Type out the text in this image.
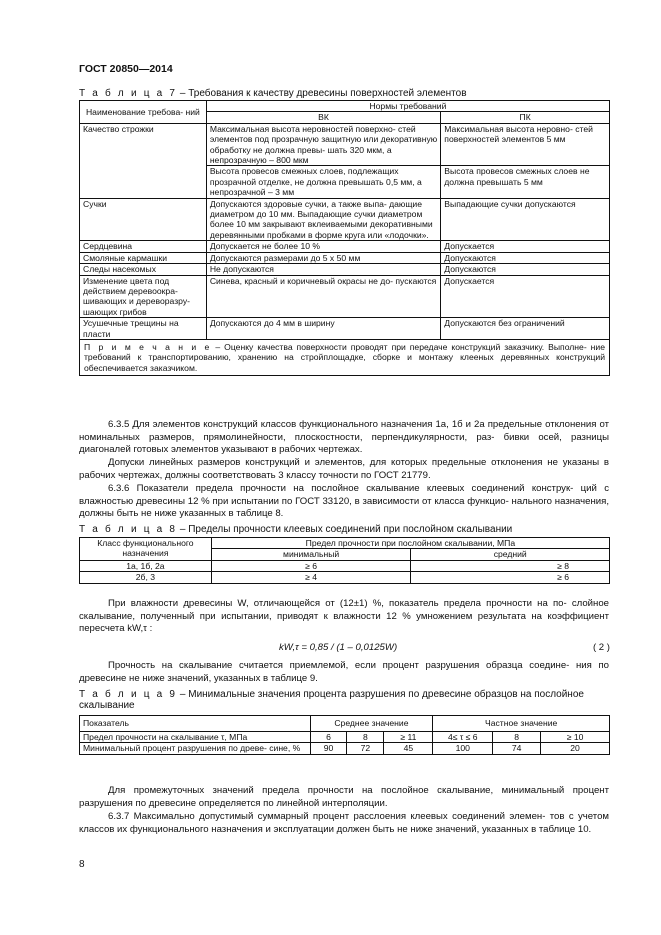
ГОСТ 20850—2014
Т а б л и ц а 7 – Требования к качеству древесины поверхностей элементов
Наименование требова- ний	Нормы требований	
	ВК	ПК
Качество строжки	Максимальная высота неровностей поверхно- стей элементов под прозрачную защитную или декоративную обработку не должна превы- шать 320 мкм, а непрозрачную – 800 мкм	Максимальная высота неровно- стей поверхностей элементов 5 мм
	Высота провесов смежных слоев, подлежащих прозрачной отделке, не должна превышать 0,5 мм, а непрозрачной – 3 мм	Высота провесов смежных слоев не должна превышать 5 мм
Сучки	Допускаются здоровые сучки, а также выпа- дающие диаметром до 10 мм. Выпадающие сучки диаметром более 10 мм закрывают вклеиваемыми декоративными деревянными пробками в форме круга или «лодочки».	Выпадающие сучки допускаются
Сердцевина	Допускается не более 10 %	Допускается
Смоляные кармашки	Допускаются размерами до 5 х 50 мм	Допускаются
Следы насекомых	Не допускаются	Допускаются
Изменение цвета под действием деревоокра- шивающих и дереворазру- шающих грибов	Синева, красный и коричневый окрасы не до- пускаются	Допускается
Усушечные трещины на пласти	Допускаются до 4 мм в ширину	Допускаются без ограничений
П р и м е ч а н и е – Оценку качества поверхности проводят при передаче конструкций заказчику. Выполне- ние требований к транспортированию, хранению на стройплощадке, сборке и монтажу клееных деревянных конструкций обеспечивается заказчиком.		
6.3.5 Для элементов конструкций классов функционального назначения 1а, 1б и 2а предельные отклонения от номинальных размеров, прямолинейности, плоскостности, перпендикулярности, раз- бивки осей, разницы диагоналей готовых элементов указывают в рабочих чертежах.
Допуски линейных размеров конструкций и элементов, для которых предельные отклонения не указаны в рабочих чертежах, должны соответствовать 3 классу точности по ГОСТ 21779.
6.3.6 Показатели предела прочности на послойное скалывание клеевых соединений конструк- ций с влажностью древесины 12 % при испытании по ГОСТ 33120, в зависимости от класса функцио- нального назначения, должны быть не ниже указанных в таблице 8.
Т а б л и ц а 8 – Пределы прочности клеевых соединений при послойном скалывании
Класс функционального назначения	Предел прочности при послойном скалывании, МПа	
	минимальный	средний
1а, 1б, 2а	≥ 6	≥ 8
2б, 3	≥ 4	≥ 6
При влажности древесины W, отличающейся от (12±1) %, показатель предела прочности на по- слойное скалывание, полученный при испытании, приводят к влажности 12 % умножением результата на коэффициент пересчета kW,τ :
kW,τ = 0,85 / (1 – 0,0125W)	( 2 )
Прочность на скалывание считается приемлемой, если процент разрушения образца соедине- ния по древесине не ниже значений, указанных в таблице 9.
Т а б л и ц а 9 – Минимальные значения процента разрушения по древесине образцов на послойное скалывание
Показатель	Среднее значение			Частное значение		
Предел прочности на скалывание τ, МПа	6	8	≥ 11	4≤ τ ≤ 6	8	≥ 10
Минимальный процент разрушения по древе- сине, %	90	72	45	100	74	20
Для промежуточных значений предела прочности на послойное скалывание, минимальный процент разрушения по древесине определяется по линейной интерполяции.
6.3.7 Максимально допустимый суммарный процент расслоения клеевых соединений элемен- тов с учетом классов их функционального назначения и эксплуатации должен быть не ниже значений, указанных в таблице 10.
8
